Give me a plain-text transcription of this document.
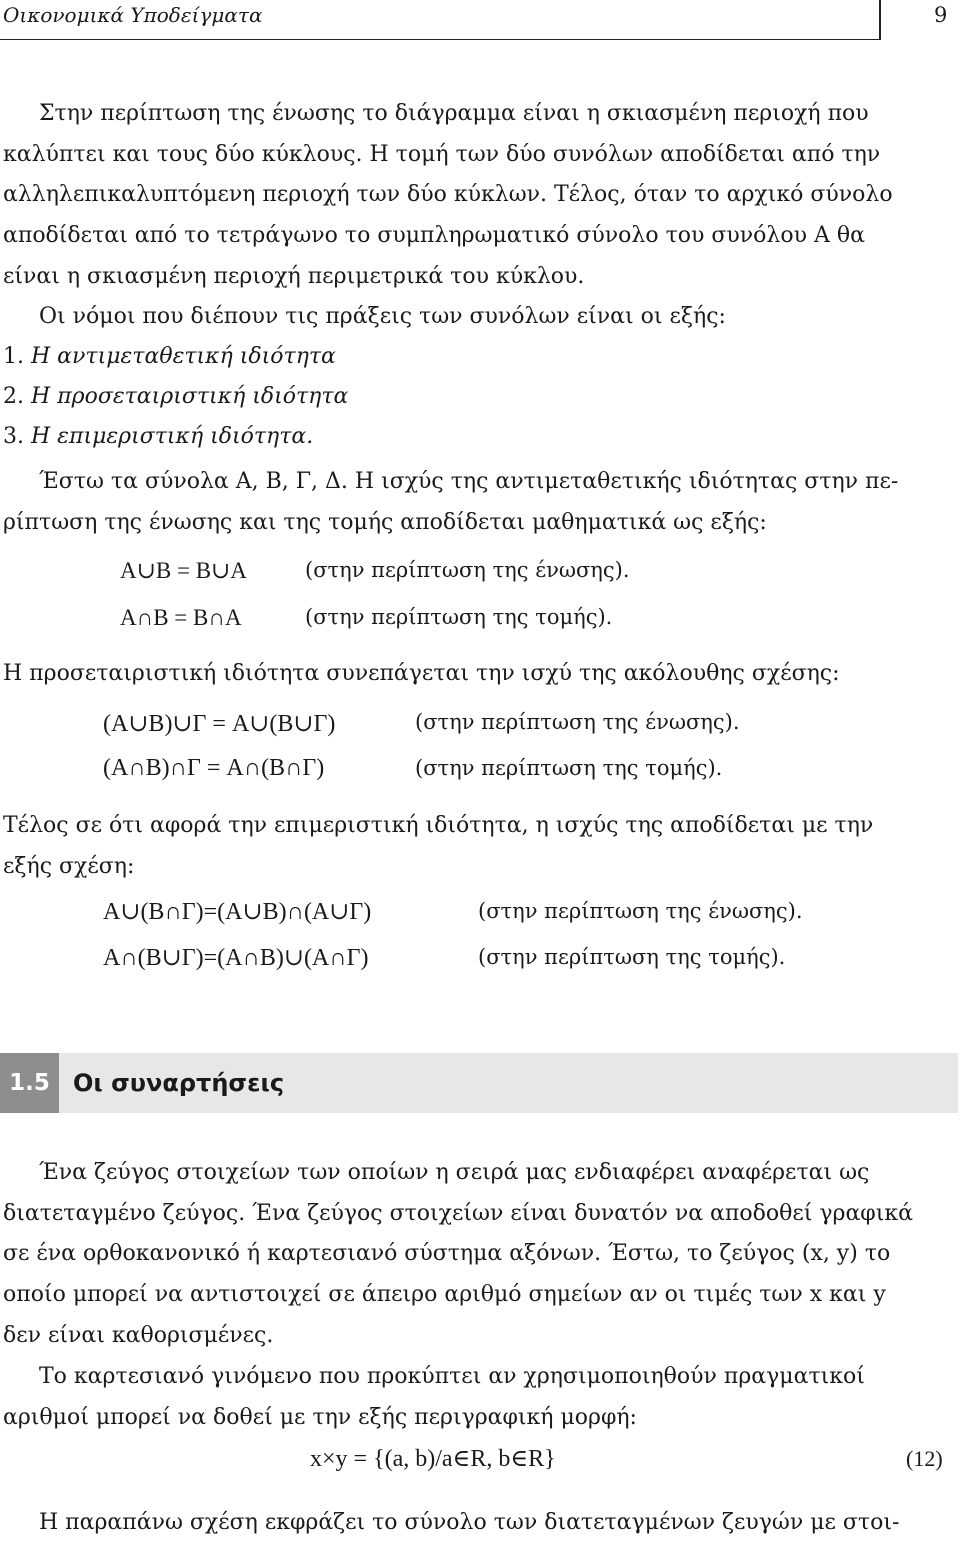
Οικονομικά Υποδείγματα	9
Στην περίπτωση της ένωσης το διάγραμμα είναι η σκιασμένη περιοχή που
καλύπτει και τους δύο κύκλους. Η τομή των δύο συνόλων αποδίδεται από την
αλληλεπικαλυπτόμενη περιοχή των δύο κύκλων. Τέλος, όταν το αρχικό σύνολο
αποδίδεται από το τετράγωνο το συμπληρωματικό σύνολο του συνόλου Α θα
είναι η σκιασμένη περιοχή περιμετρικά του κύκλου.
Οι νόμοι που διέπουν τις πράξεις των συνόλων είναι οι εξής:
1. Η αντιμεταθετική ιδιότητα
2. Η προσεταιριστική ιδιότητα
3. Η επιμεριστική ιδιότητα.
Έστω τα σύνολα Α, Β, Γ, Δ. Η ισχύς της αντιμεταθετικής ιδιότητας στην πε-
ρίπτωση της ένωσης και της τομής αποδίδεται μαθηματικά ως εξής:
A∪B = B∪A	(στην περίπτωση της ένωσης).
A∩B = B∩A	(στην περίπτωση της τομής).
Η προσεταιριστική ιδιότητα συνεπάγεται την ισχύ της ακόλουθης σχέσης:
(A∪B)∪Γ = A∪(B∪Γ)	(στην περίπτωση της ένωσης).
(A∩B)∩Γ = A∩(B∩Γ)	(στην περίπτωση της τομής).
Τέλος σε ότι αφορά την επιμεριστική ιδιότητα, η ισχύς της αποδίδεται με την
εξής σχέση:
A∪(B∩Γ)=(A∪B)∩(A∪Γ)	(στην περίπτωση της ένωσης).
A∩(B∪Γ)=(A∩B)∪(A∩Γ)	(στην περίπτωση της τομής).
1.5 Οι συναρτήσεις
Ένα ζεύγος στοιχείων των οποίων η σειρά μας ενδιαφέρει αναφέρεται ως
διατεταγμένο ζεύγος. Ένα ζεύγος στοιχείων είναι δυνατόν να αποδοθεί γραφικά
σε ένα ορθοκανονικό ή καρτεσιανό σύστημα αξόνων. Έστω, το ζεύγος (x, y) το
οποίο μπορεί να αντιστοιχεί σε άπειρο αριθμό σημείων αν οι τιμές των x και y
δεν είναι καθορισμένες.
Το καρτεσιανό γινόμενο που προκύπτει αν χρησιμοποιηθούν πραγματικοί
αριθμοί μπορεί να δοθεί με την εξής περιγραφική μορφή:
x×y = {(a, b)/a∈R, b∈R}	(12)
Η παραπάνω σχέση εκφράζει το σύνολο των διατεταγμένων ζευγών με στοι-
